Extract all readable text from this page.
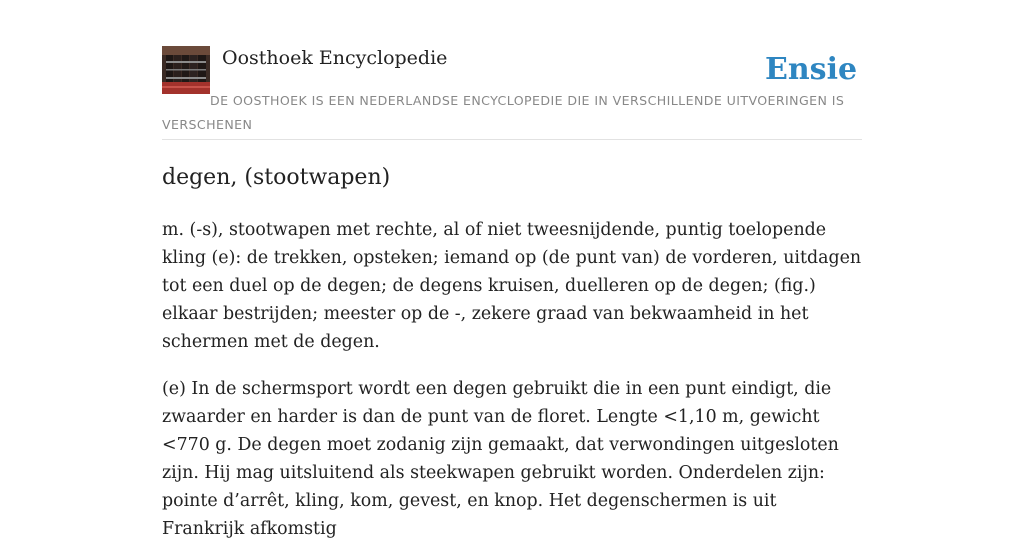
Oosthoek Encyclopedie	Ensie
DE OOSTHOEK IS EEN NEDERLANDSE ENCYCLOPEDIE DIE IN VERSCHILLENDE UITVOERINGEN IS VERSCHENEN
degen, (stootwapen)

m. (-s), stootwapen met rechte, al of niet tweesnijdende, puntig toelopende kling (e): de trekken, opsteken; iemand op (de punt van) de vorderen, uitdagen tot een duel op de degen; de degens kruisen, duelleren op de degen; (fig.) elkaar bestrijden; meester op de -, zekere graad van bekwaamheid in het schermen met de degen.

(e) In de schermsport wordt een degen gebruikt die in een punt eindigt, die zwaarder en harder is dan de punt van de floret. Lengte <1,10 m, gewicht <770 g. De degen moet zodanig zijn gemaakt, dat verwondingen uitgesloten zijn. Hij mag uitsluitend als steekwapen gebruikt worden. Onderdelen zijn: pointe d’arrêt, kling, kom, gevest, en knop. Het degenschermen is uit Frankrijk afkomstig
